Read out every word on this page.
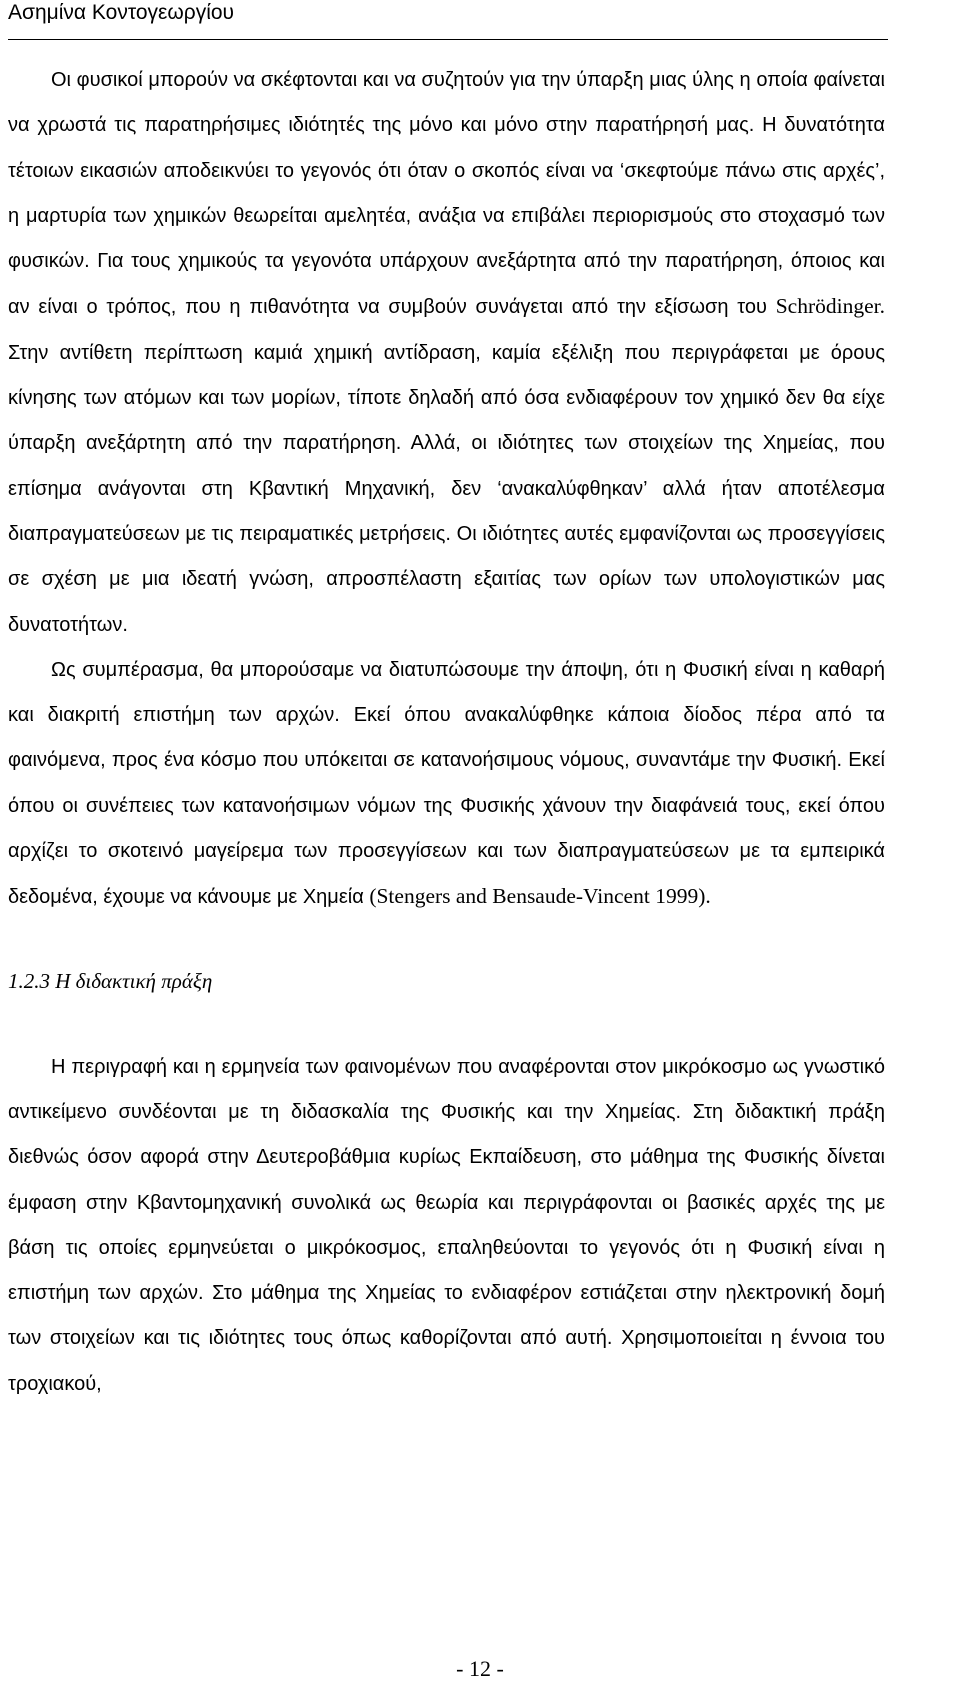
Ασημίνα Κοντογεωργίου

Οι φυσικοί μπορούν να σκέφτονται και να συζητούν για την ύπαρξη μιας ύλης η οποία φαίνεται να χρωστά τις παρατηρήσιμες ιδιότητές της μόνο και μόνο στην παρατήρησή μας. Η δυνατότητα τέτοιων εικασιών αποδεικνύει το γεγονός ότι όταν ο σκοπός είναι να ‘σκεφτούμε πάνω στις αρχές’, η μαρτυρία των χημικών θεωρείται αμελητέα, ανάξια να επιβάλει περιορισμούς στο στοχασμό των φυσικών. Για τους χημικούς τα γεγονότα υπάρχουν ανεξάρτητα από την παρατήρηση, όποιος και αν είναι ο τρόπος, που η πιθανότητα να συμβούν συνάγεται από την εξίσωση του Schrödinger. Στην αντίθετη περίπτωση καμιά χημική αντίδραση, καμία εξέλιξη που περιγράφεται με όρους κίνησης των ατόμων και των μορίων, τίποτε δηλαδή από όσα ενδιαφέρουν τον χημικό δεν θα είχε ύπαρξη ανεξάρτητη από την παρατήρηση. Αλλά, οι ιδιότητες των στοιχείων της Χημείας, που επίσημα ανάγονται στη Κβαντική Μηχανική, δεν ‘ανακαλύφθηκαν’ αλλά ήταν αποτέλεσμα διαπραγματεύσεων με τις πειραματικές μετρήσεις. Οι ιδιότητες αυτές εμφανίζονται ως προσεγγίσεις σε σχέση με μια ιδεατή γνώση, απροσπέλαστη εξαιτίας των ορίων των υπολογιστικών μας δυνατοτήτων.

Ως συμπέρασμα, θα μπορούσαμε να διατυπώσουμε την άποψη, ότι η Φυσική είναι η καθαρή και διακριτή επιστήμη των αρχών. Εκεί όπου ανακαλύφθηκε κάποια δίοδος πέρα από τα φαινόμενα, προς ένα κόσμο που υπόκειται σε κατανοήσιμους νόμους, συναντάμε την Φυσική. Εκεί όπου οι συνέπειες των κατανοήσιμων νόμων της Φυσικής χάνουν την διαφάνειά τους, εκεί όπου αρχίζει το σκοτεινό μαγείρεμα των προσεγγίσεων και των διαπραγματεύσεων με τα εμπειρικά δεδομένα, έχουμε να κάνουμε με Χημεία (Stengers and Bensaude-Vincent 1999).

1.2.3 Η διδακτική πράξη

Η περιγραφή και η ερμηνεία των φαινομένων που αναφέρονται στον μικρόκοσμο ως γνωστικό αντικείμενο συνδέονται με τη διδασκαλία της Φυσικής και την Χημείας. Στη διδακτική πράξη διεθνώς όσον αφορά στην Δευτεροβάθμια κυρίως Εκπαίδευση, στο μάθημα της Φυσικής δίνεται έμφαση στην Κβαντομηχανική συνολικά ως θεωρία και περιγράφονται οι βασικές αρχές της με βάση τις οποίες ερμηνεύεται ο μικρόκοσμος, επαληθεύονται το γεγονός ότι η Φυσική είναι η επιστήμη των αρχών. Στο μάθημα της Χημείας το ενδιαφέρον εστιάζεται στην ηλεκτρονική δομή των στοιχείων και τις ιδιότητες τους όπως καθορίζονται από αυτή. Χρησιμοποιείται η έννοια του τροχιακού,

- 12 -
